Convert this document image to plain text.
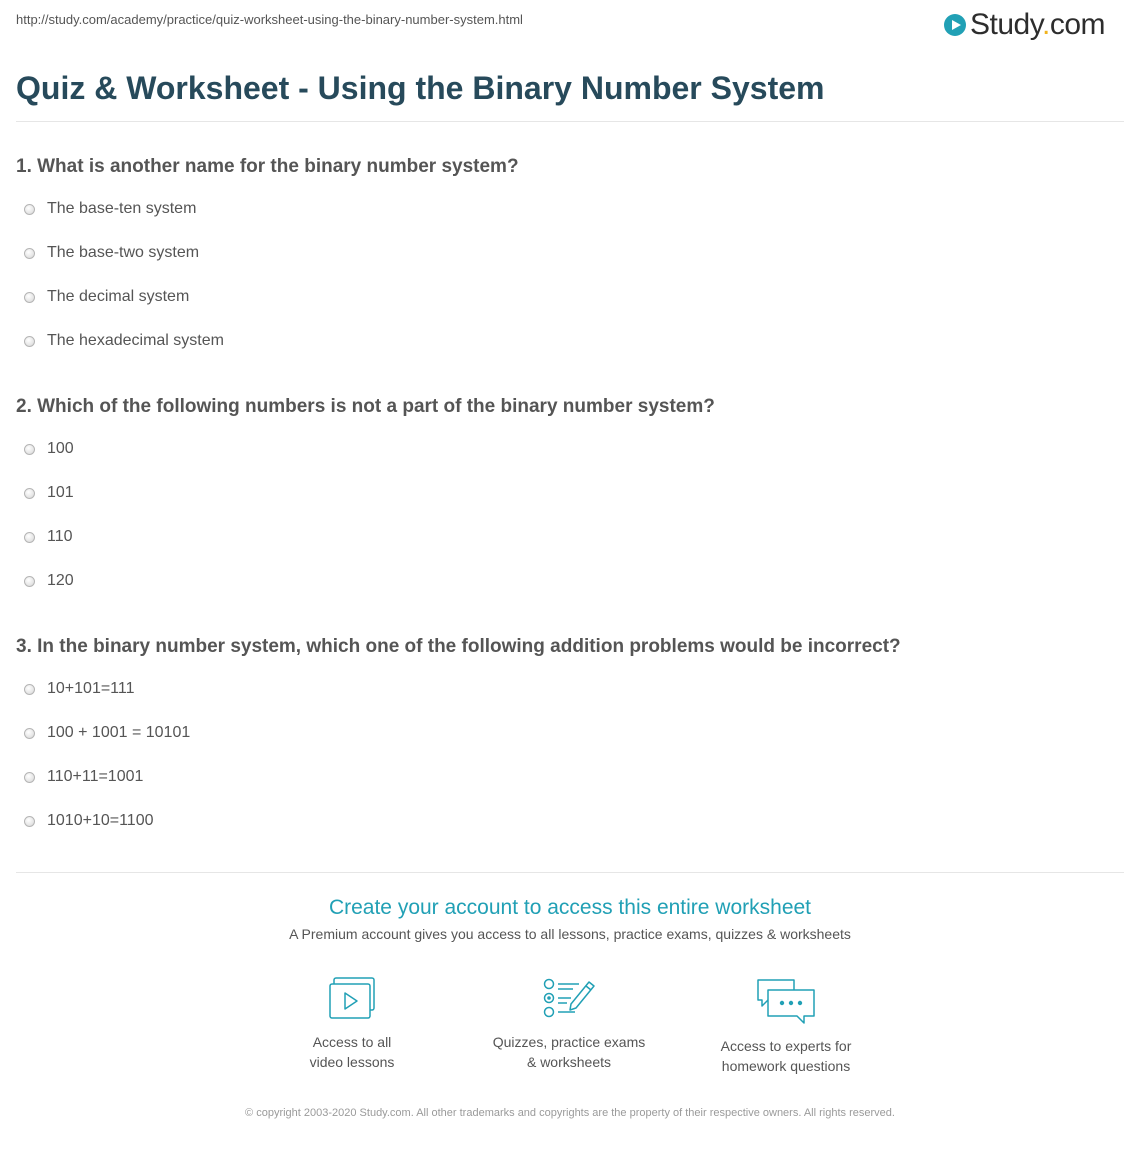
http://study.com/academy/practice/quiz-worksheet-using-the-binary-number-system.html	Study.com
Quiz & Worksheet - Using the Binary Number System
1. What is another name for the binary number system?
The base-ten system
The base-two system
The decimal system
The hexadecimal system
2. Which of the following numbers is not a part of the binary number system?
100
101
110
120
3. In the binary number system, which one of the following addition problems would be incorrect?
10+101=111
100 + 1001 = 10101
110+11=1001
1010+10=1100
Create your account to access this entire worksheet
A Premium account gives you access to all lessons, practice exams, quizzes & worksheets
Access to all
video lessons
Quizzes, practice exams
& worksheets
Access to experts for
homework questions
© copyright 2003-2020 Study.com. All other trademarks and copyrights are the property of their respective owners. All rights reserved.
